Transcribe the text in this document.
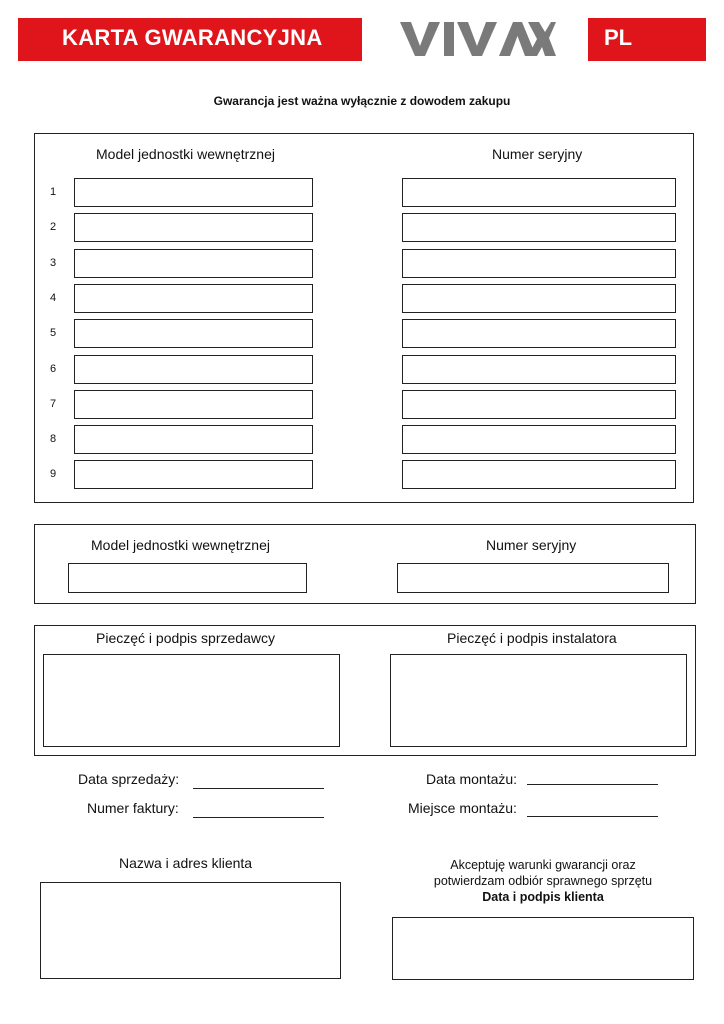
KARTA GWARANCYJNA	PL
Gwarancja jest ważna wyłącznie z dowodem zakupu
Model jednostki wewnętrznej	Numer seryjny
1
2
3
4
5
6
7
8
9
Model jednostki wewnętrznej	Numer seryjny
Pieczęć i podpis sprzedawcy	Pieczęć i podpis instalatora
Data sprzedaży:
Numer faktury:
Data montażu:
Miejsce montażu:
Nazwa i adres klienta	Akceptuję warunki gwarancji oraz
potwierdzam odbiór sprawnego sprzętu
Data i podpis klienta
